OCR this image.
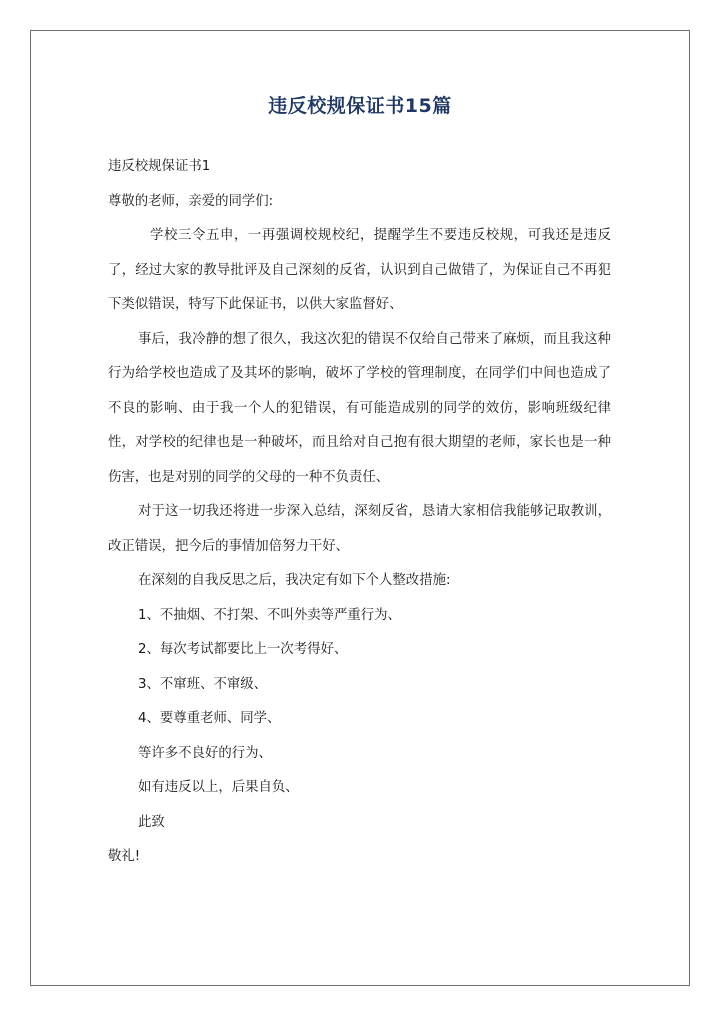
违反校规保证书15篇
违反校规保证书1
尊敬的老师，亲爱的同学们:
学校三令五申，一再强调校规校纪，提醒学生不要违反校规，可我还是违反了，经过大家的教导批评及自己深刻的反省，认识到自己做错了，为保证自己不再犯下类似错误，特写下此保证书，以供大家监督好、
事后，我冷静的想了很久，我这次犯的错误不仅给自己带来了麻烦，而且我这种行为给学校也造成了及其坏的影响，破坏了学校的管理制度，在同学们中间也造成了不良的影响、由于我一个人的犯错误，有可能造成别的同学的效仿，影响班级纪律性，对学校的纪律也是一种破坏，而且给对自己抱有很大期望的老师，家长也是一种伤害，也是对别的同学的父母的一种不负责任、
对于这一切我还将进一步深入总结，深刻反省，恳请大家相信我能够记取教训，改正错误，把今后的事情加倍努力干好、
在深刻的自我反思之后，我决定有如下个人整改措施:
1、不抽烟、不打架、不叫外卖等严重行为、
2、每次考试都要比上一次考得好、
3、不窜班、不窜级、
4、要尊重老师、同学、
等许多不良好的行为、
如有违反以上，后果自负、
此致
敬礼!
